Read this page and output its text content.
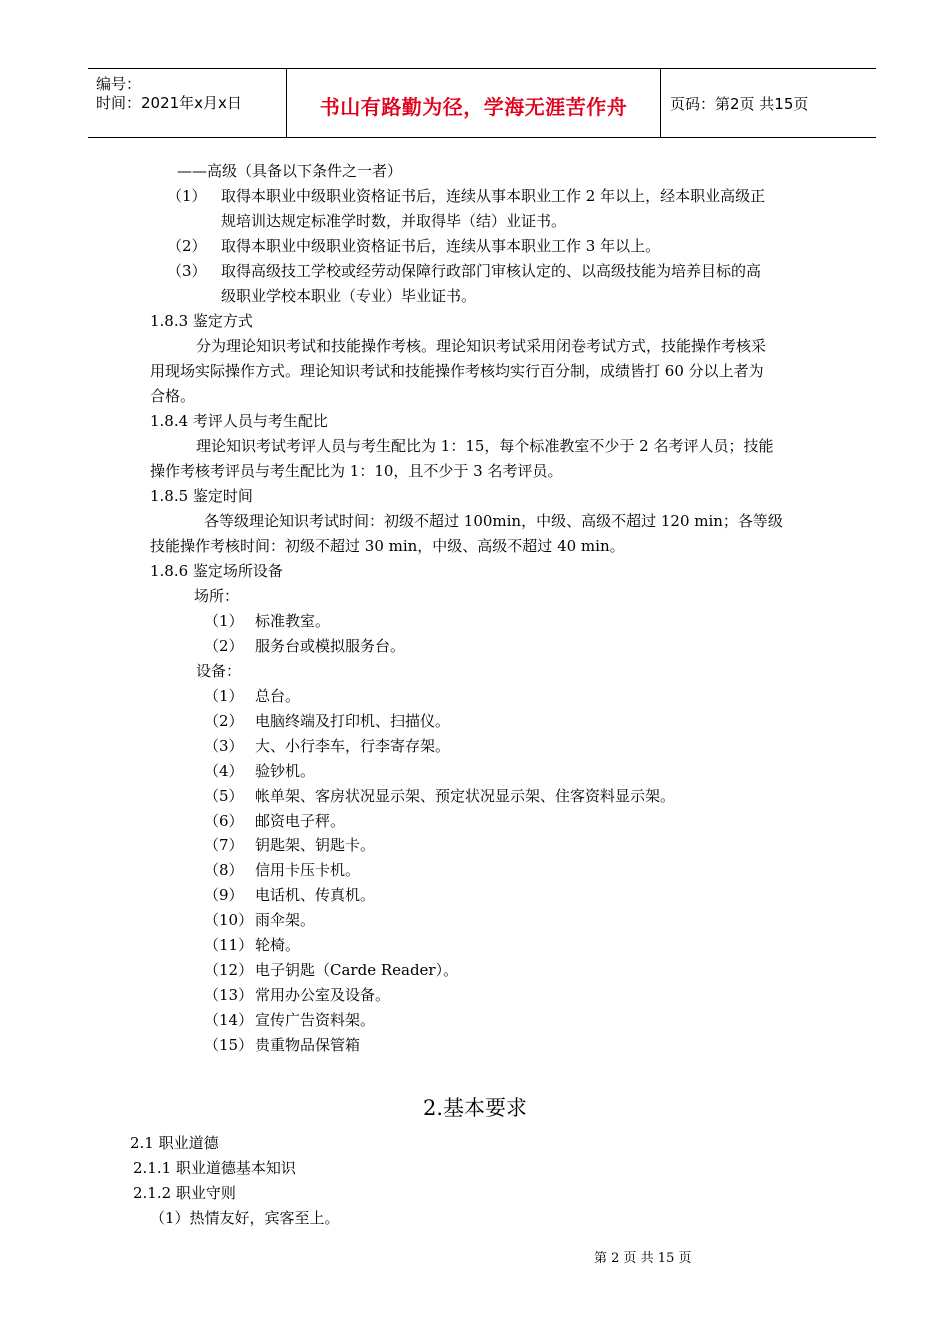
编号：
时间：2021年x月x日	书山有路勤为径，学海无涯苦作舟	页码：第2页 共15页
——高级（具备以下条件之一者）
（1） 取得本职业中级职业资格证书后，连续从事本职业工作 2 年以上，经本职业高级正
规培训达规定标准学时数，并取得毕（结）业证书。
（2） 取得本职业中级职业资格证书后，连续从事本职业工作 3 年以上。
（3） 取得高级技工学校或经劳动保障行政部门审核认定的、以高级技能为培养目标的高
级职业学校本职业（专业）毕业证书。
1.8.3 鉴定方式
分为理论知识考试和技能操作考核。理论知识考试采用闭卷考试方式，技能操作考核采
用现场实际操作方式。理论知识考试和技能操作考核均实行百分制，成绩皆打 60 分以上者为
合格。
1.8.4 考评人员与考生配比
理论知识考试考评人员与考生配比为 1：15，每个标准教室不少于 2 名考评人员；技能
操作考核考评员与考生配比为 1：10，且不少于 3 名考评员。
1.8.5 鉴定时间
各等级理论知识考试时间：初级不超过 100min，中级、高级不超过 120 min；各等级
技能操作考核时间：初级不超过 30 min，中级、高级不超过 40 min。
1.8.6 鉴定场所设备
场所：
（1） 标准教室。
（2） 服务台或模拟服务台。
设备：
（1） 总台。
（2） 电脑终端及打印机、扫描仪。
（3） 大、小行李车，行李寄存架。
（4） 验钞机。
（5） 帐单架、客房状况显示架、预定状况显示架、住客资料显示架。
（6） 邮资电子秤。
（7） 钥匙架、钥匙卡。
（8） 信用卡压卡机。
（9） 电话机、传真机。
（10） 雨伞架。
（11） 轮椅。
（12） 电子钥匙（Carde Reader）。
（13） 常用办公室及设备。
（14） 宣传广告资料架。
（15） 贵重物品保管箱
2.基本要求
2.1 职业道德
2.1.1 职业道德基本知识
2.1.2 职业守则
（1）热情友好，宾客至上。
第 2 页 共 15 页
